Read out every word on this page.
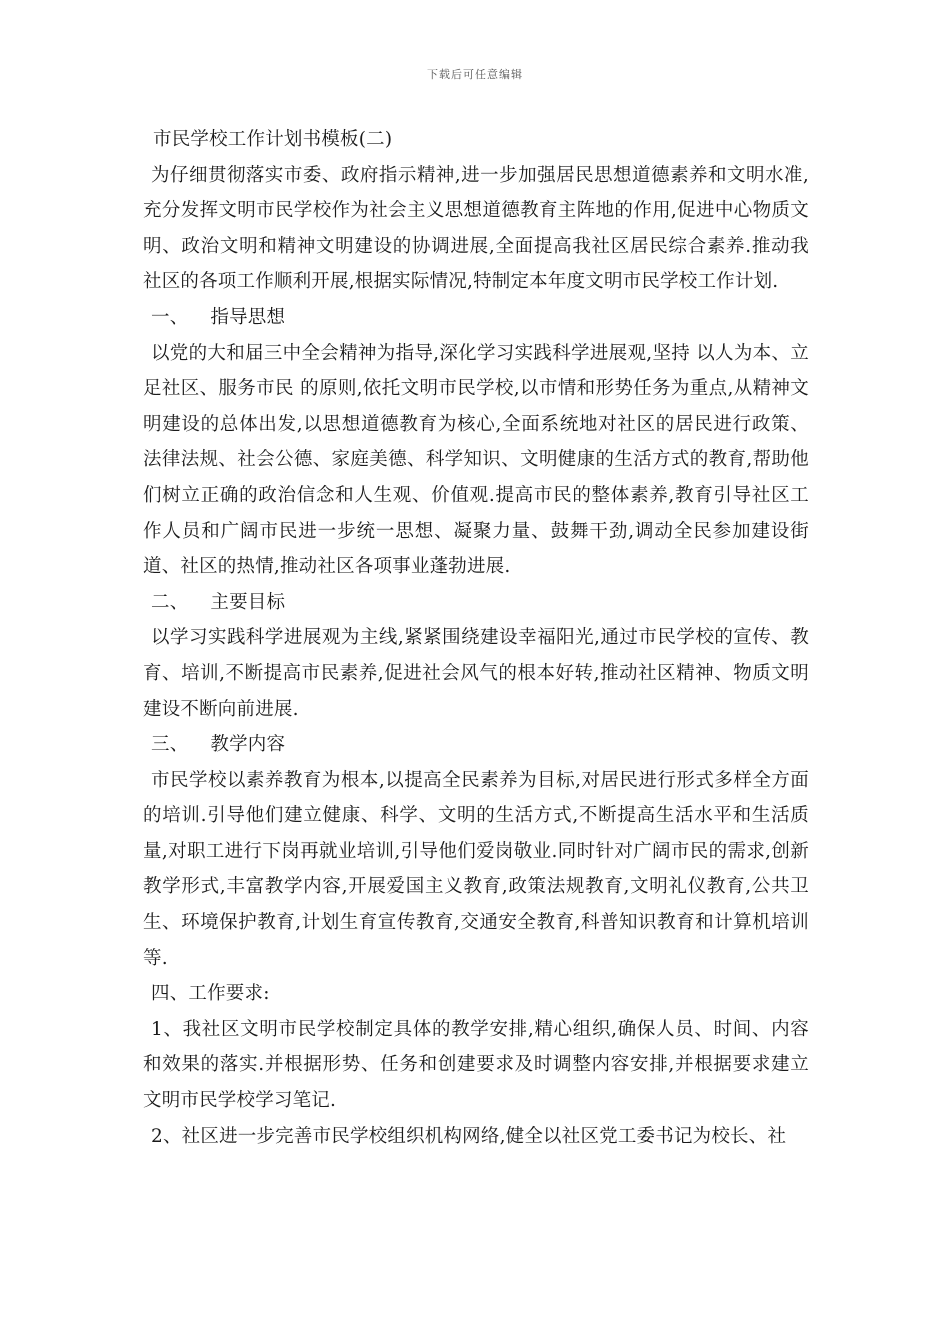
下载后可任意编辑

市民学校工作计划书模板(二)

为仔细贯彻落实市委、政府指示精神,进一步加强居民思想道德素养和文明水准,充分发挥文明市民学校作为社会主义思想道德教育主阵地的作用,促进中心物质文明、政治文明和精神文明建设的协调进展,全面提高我社区居民综合素养.推动我社区的各项工作顺利开展,根据实际情况,特制定本年度文明市民学校工作计划.

一、 指导思想

以党的大和届三中全会精神为指导,深化学习实践科学进展观,坚持 以人为本、立足社区、服务市民 的原则,依托文明市民学校,以市情和形势任务为重点,从精神文明建设的总体出发,以思想道德教育为核心,全面系统地对社区的居民进行政策、法律法规、社会公德、家庭美德、科学知识、文明健康的生活方式的教育,帮助他们树立正确的政治信念和人生观、价值观.提高市民的整体素养,教育引导社区工作人员和广阔市民进一步统一思想、凝聚力量、鼓舞干劲,调动全民参加建设街道、社区的热情,推动社区各项事业蓬勃进展.

二、 主要目标

以学习实践科学进展观为主线,紧紧围绕建设幸福阳光,通过市民学校的宣传、教育、培训,不断提高市民素养,促进社会风气的根本好转,推动社区精神、物质文明建设不断向前进展.

三、 教学内容

市民学校以素养教育为根本,以提高全民素养为目标,对居民进行形式多样全方面的培训.引导他们建立健康、科学、文明的生活方式,不断提高生活水平和生活质量,对职工进行下岗再就业培训,引导他们爱岗敬业.同时针对广阔市民的需求,创新教学形式,丰富教学内容,开展爱国主义教育,政策法规教育,文明礼仪教育,公共卫生、环境保护教育,计划生育宣传教育,交通安全教育,科普知识教育和计算机培训等.

四、工作要求:

1、我社区文明市民学校制定具体的教学安排,精心组织,确保人员、时间、内容和效果的落实.并根据形势、任务和创建要求及时调整内容安排,并根据要求建立文明市民学校学习笔记.

2、社区进一步完善市民学校组织机构网络,健全以社区党工委书记为校长、社
